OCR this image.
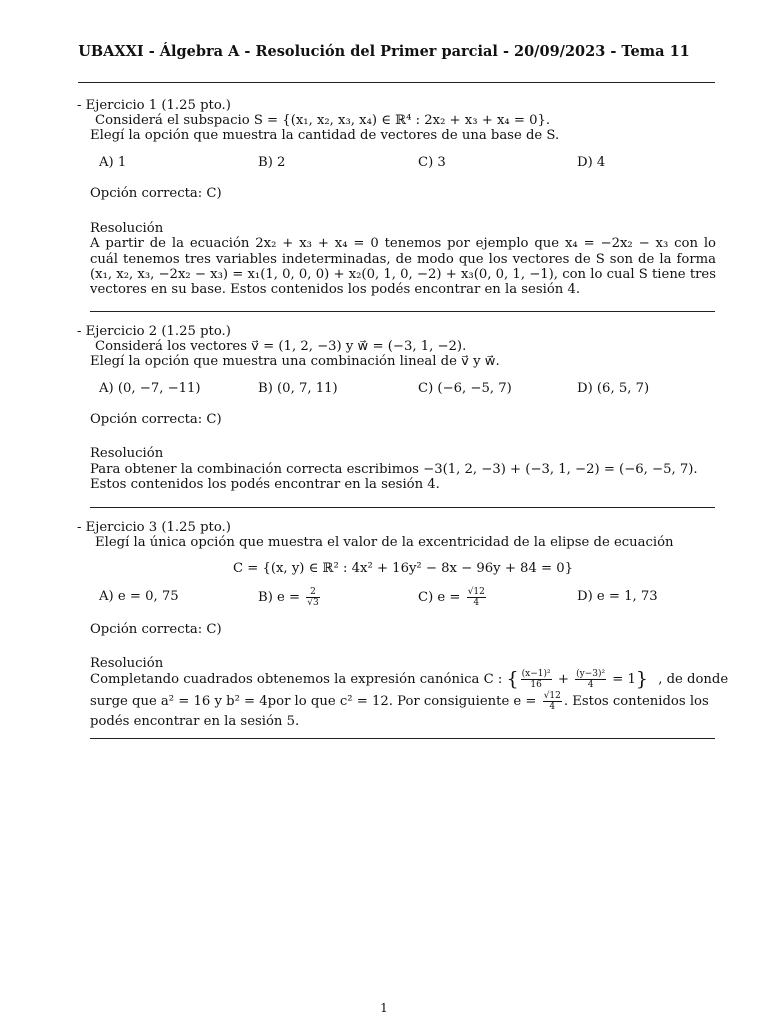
UBAXXI - Álgebra A - Resolución del Primer parcial - 20/09/2023 - Tema 11
- Ejercicio 1 (1.25 pto.)
Considerá el subspacio S = {(x₁, x₂, x₃, x₄) ∈ ℝ⁴ : 2x₂ + x₃ + x₄ = 0}.
Elegí la opción que muestra la cantidad de vectores de una base de S.
A) 1	B) 2	C) 3	D) 4
Opción correcta: C)
Resolución
A partir de la ecuación 2x₂ + x₃ + x₄ = 0 tenemos por ejemplo que x₄ = −2x₂ − x₃ con lo
cuál tenemos tres variables indeterminadas, de modo que los vectores de S son de la forma
(x₁, x₂, x₃, −2x₂ − x₃) = x₁(1, 0, 0, 0) + x₂(0, 1, 0, −2) + x₃(0, 0, 1, −1), con lo cual S tiene tres
vectores en su base. Estos contenidos los podés encontrar en la sesión 4.
- Ejercicio 2 (1.25 pto.)
Considerá los vectores v⃗ = (1, 2, −3) y w⃗ = (−3, 1, −2).
Elegí la opción que muestra una combinación lineal de v⃗ y w⃗.
A) (0, −7, −11)	B) (0, 7, 11)	C) (−6, −5, 7)	D) (6, 5, 7)
Opción correcta: C)
Resolución
Para obtener la combinación correcta escribimos −3(1, 2, −3) + (−3, 1, −2) = (−6, −5, 7).
Estos contenidos los podés encontrar en la sesión 4.
- Ejercicio 3 (1.25 pto.)
Elegí la única opción que muestra el valor de la excentricidad de la elipse de ecuación
C = {(x, y) ∈ ℝ² : 4x² + 16y² − 8x − 96y + 84 = 0}
A) e = 0, 75	B) $e = \frac{2}{√3}$	C) $e = \frac{√12}{4}$	D) e = 1, 73
Opción correcta: C)
Resolución
Completando cuadrados obtenemos la expresión canónica C : { $\frac{\text{(x−1)²}}{16} + \frac{\text{(y−3)²}}{4} = 1$} , de donde
surge que a² = 16 y b² = 4por lo que c² = 12. Por consiguiente $e = \frac{√12}{4}$ . Estos contenidos los
podés encontrar en la sesión 5.
1
